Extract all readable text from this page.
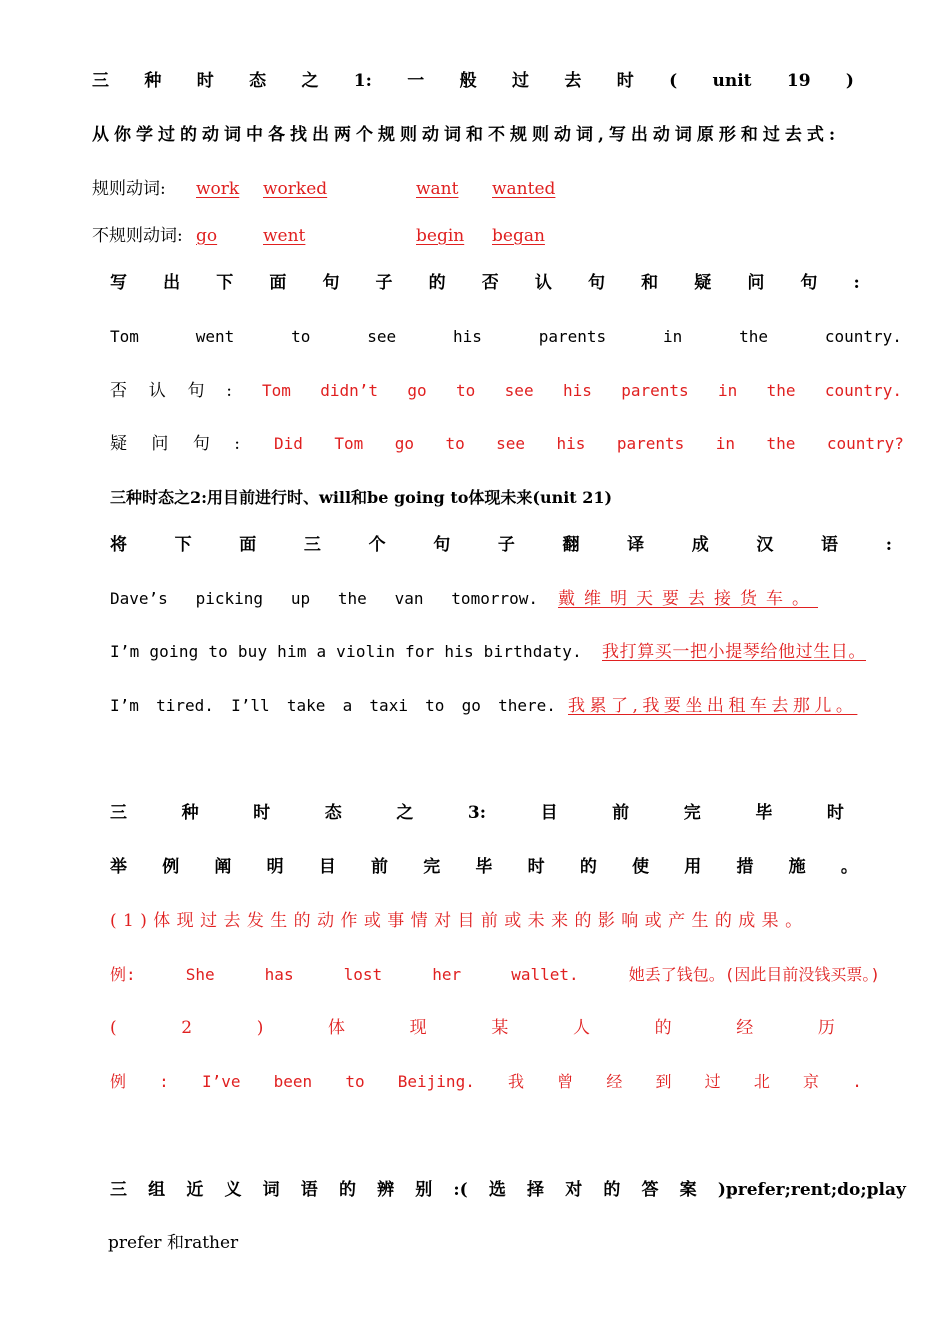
三 种 时 态 之 1: 一 般 过 去 时 ( unit 19 )
从你学过的动词中各找出两个规则动词和不规则动词,写出动词原形和过去式:
规则动词: work worked	want wanted
不规则动词: go	went	begin	began
写 出 下 面 句 子 的 否 认 句 和 疑 问 句 :
Tom	went	to	see	his	parents	in	the	country.
否 认 句 : Tom didn’t go to see his parents in the country.
疑 问 句 : Did Tom go to see his parents in the country?
三种时态之2:用目前进行时、will和be going to体现未来(unit 21)
将	下	面	三	个	句	子	翻	译	成	汉	语	:
Dave’s picking up the van tomorrow. 戴维明天要去接货车。
I’m going to buy him a violin for his birthdaty. 我打算买一把小提琴给他过生日。
I’m tired. I’ll take a taxi to go there. 我累了,我要坐出租车去那儿。
三	种	时	态	之	3:	目	前	完	毕	时
举 例 阐 明 目 前 完 毕 时 的 使 用 措 施 。
(1)体现过去发生的动作或事情对目前或未来的影响或产生的成果。
例:	She	has	lost	her	wallet.	她丢了钱包。(因此目前没钱买票。)
(	2	)	体	现	某	人	的	经	历
例 : I’ve been to Beijing. 我 曾 经 到 过 北 京 .
三 组 近 义 词 语 的 辨 别 :( 选 择 对 的 答 案 )prefer;rent;do;play
prefer 和rather
